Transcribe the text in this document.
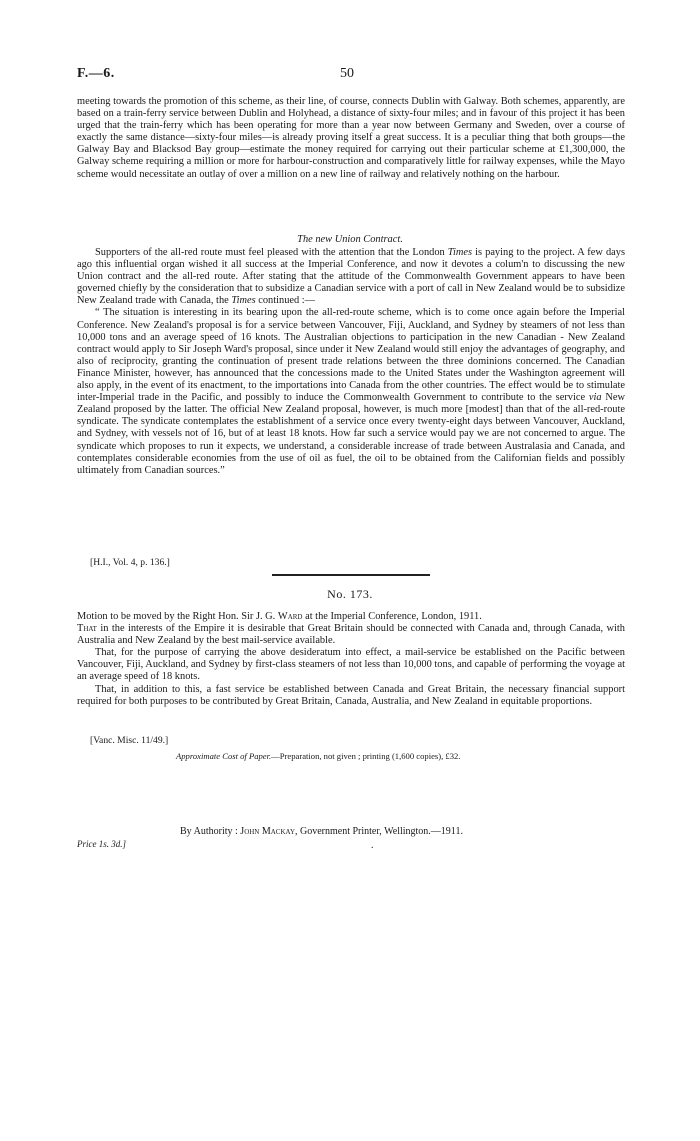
F.—6.	50

meeting towards the promotion of this scheme, as their line, of course, connects Dublin with Galway. Both schemes, apparently, are based on a train-ferry service between Dublin and Holyhead, a distance of sixty-four miles; and in favour of this project it has been urged that the train-ferry which has been operating for more than a year now between Germany and Sweden, over a course of exactly the same distance—sixty-four miles—is already proving itself a great success. It is a peculiar thing that both groups—the Galway Bay and Blacksod Bay group—estimate the money required for carrying out their particular scheme at £1,300,000, the Galway scheme requiring a million or more for harbour-construction and comparatively little for railway expenses, while the Mayo scheme would necessitate an outlay of over a million on a new line of railway and relatively nothing on the harbour.

The new Union Contract.

Supporters of the all-red route must feel pleased with the attention that the London Times is paying to the project. A few days ago this influential organ wished it all success at the Imperial Conference, and now it devotes a colum'n to discussing the new Union contract and the all-red route. After stating that the attitude of the Commonwealth Government appears to have been governed chiefly by the consideration that to subsidize a Canadian service with a port of call in New Zealand would be to subsidize New Zealand trade with Canada, the Times continued :—

“ The situation is interesting in its bearing upon the all-red-route scheme, which is to come once again before the Imperial Conference. New Zealand's proposal is for a service between Vancouver, Fiji, Auckland, and Sydney by steamers of not less than 10,000 tons and an average speed of 16 knots. The Australian objections to participation in the new Canadian - New Zealand contract would apply to Sir Joseph Ward's proposal, since under it New Zealand would still enjoy the advantages of geography, and also of reciprocity, granting the continuation of present trade relations between the three dominions concerned. The Canadian Finance Minister, however, has announced that the concessions made to the United States under the Washington agreement will also apply, in the event of its enactment, to the importations into Canada from the other countries. The effect would be to stimulate inter-Imperial trade in the Pacific, and possibly to induce the Commonwealth Government to contribute to the service via New Zealand proposed by the latter. The official New Zealand proposal, however, is much more [modest] than that of the all-red-route syndicate. The syndicate contemplates the establishment of a service once every twenty-eight days between Vancouver, Auckland, and Sydney, with vessels not of 16, but of at least 18 knots. How far such a service would pay we are not concerned to argue. The syndicate which proposes to run it expects, we understand, a considerable increase of trade between Australasia and Canada, and contemplates considerable economies from the use of oil as fuel, the oil to be obtained from the Californian fields and possibly ultimately from Canadian sources.”

[H.I., Vol. 4, p. 136.]
No. 173.

Motion to be moved by the Right Hon. Sir J. G. Ward at the Imperial Conference, London, 1911.

That in the interests of the Empire it is desirable that Great Britain should be connected with Canada and, through Canada, with Australia and New Zealand by the best mail-service available.

That, for the purpose of carrying the above desideratum into effect, a mail-service be established on the Pacific between Vancouver, Fiji, Auckland, and Sydney by first-class steamers of not less than 10,000 tons, and capable of performing the voyage at an average speed of 18 knots.

That, in addition to this, a fast service be established between Canada and Great Britain, the necessary financial support required for both purposes to be contributed by Great Britain, Canada, Australia, and New Zealand in equitable proportions.

[Vanc. Misc. 11/49.]
Approximate Cost of Paper.—Preparation, not given ; printing (1,600 copies), £32.
By Authority : John Mackay, Government Printer, Wellington.—1911.
Price 1s. 3d.]	.
